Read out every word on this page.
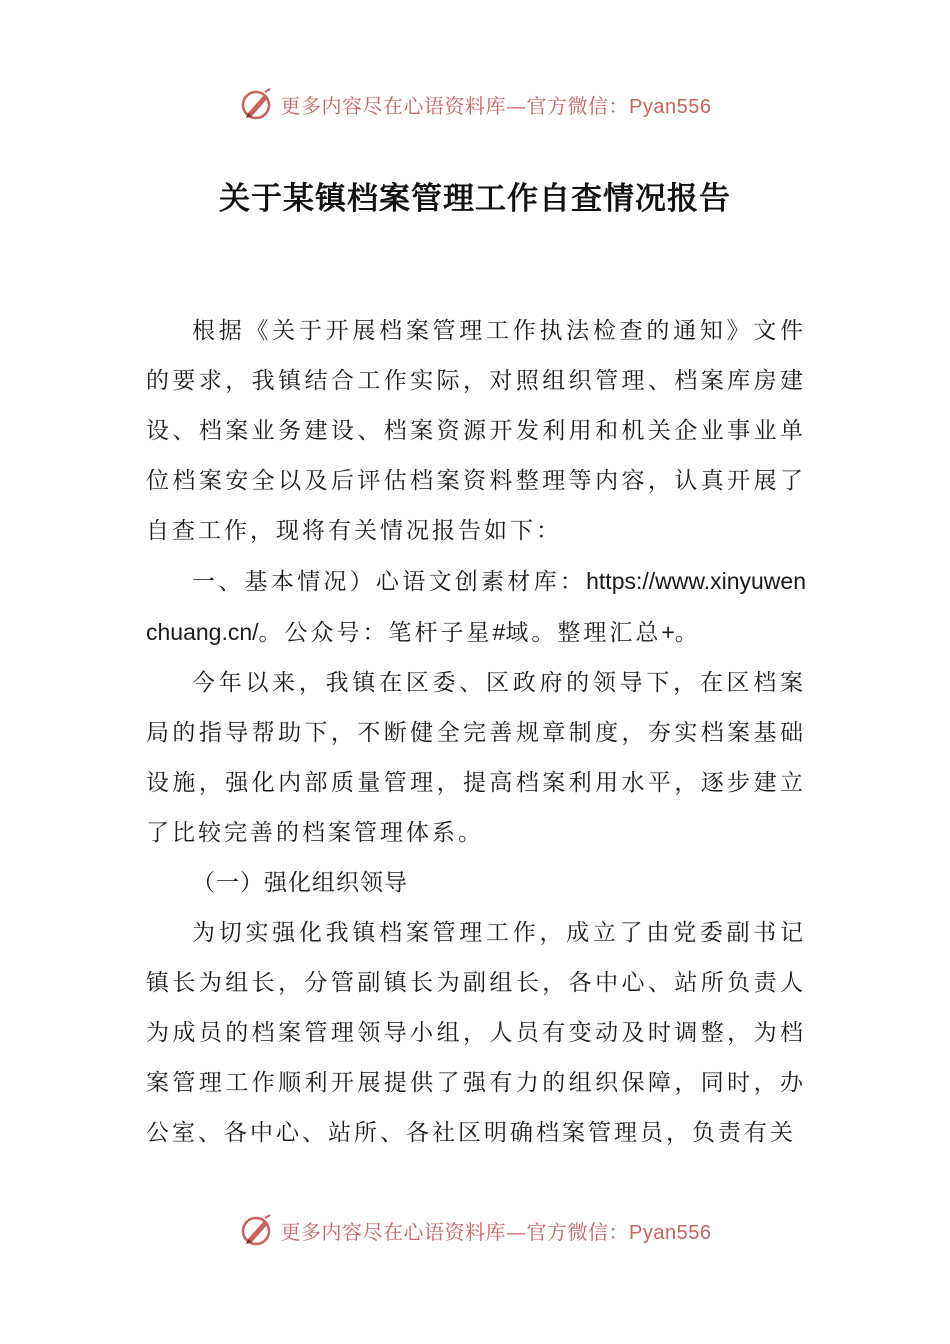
更多内容尽在心语资料库—官方微信：Pyan556
关于某镇档案管理工作自查情况报告

根据《关于开展档案管理工作执法检查的通知》文件的要求，我镇结合工作实际，对照组织管理、档案库房建设、档案业务建设、档案资源开发利用和机关企业事业单位档案安全以及后评估档案资料整理等内容，认真开展了自查工作，现将有关情况报告如下：

一、基本情况）心语文创素材库：https://www.xinyuwenchuang.cn/。公众号：笔杆子星#域。整理汇总+。

今年以来，我镇在区委、区政府的领导下，在区档案局的指导帮助下，不断健全完善规章制度，夯实档案基础设施，强化内部质量管理，提高档案利用水平，逐步建立了比较完善的档案管理体系。

（一）强化组织领导

为切实强化我镇档案管理工作，成立了由党委副书记镇长为组长，分管副镇长为副组长，各中心、站所负责人为成员的档案管理领导小组，人员有变动及时调整，为档案管理工作顺利开展提供了强有力的组织保障，同时，办公室、各中心、站所、各社区明确档案管理员，负责有关

更多内容尽在心语资料库—官方微信：Pyan556
